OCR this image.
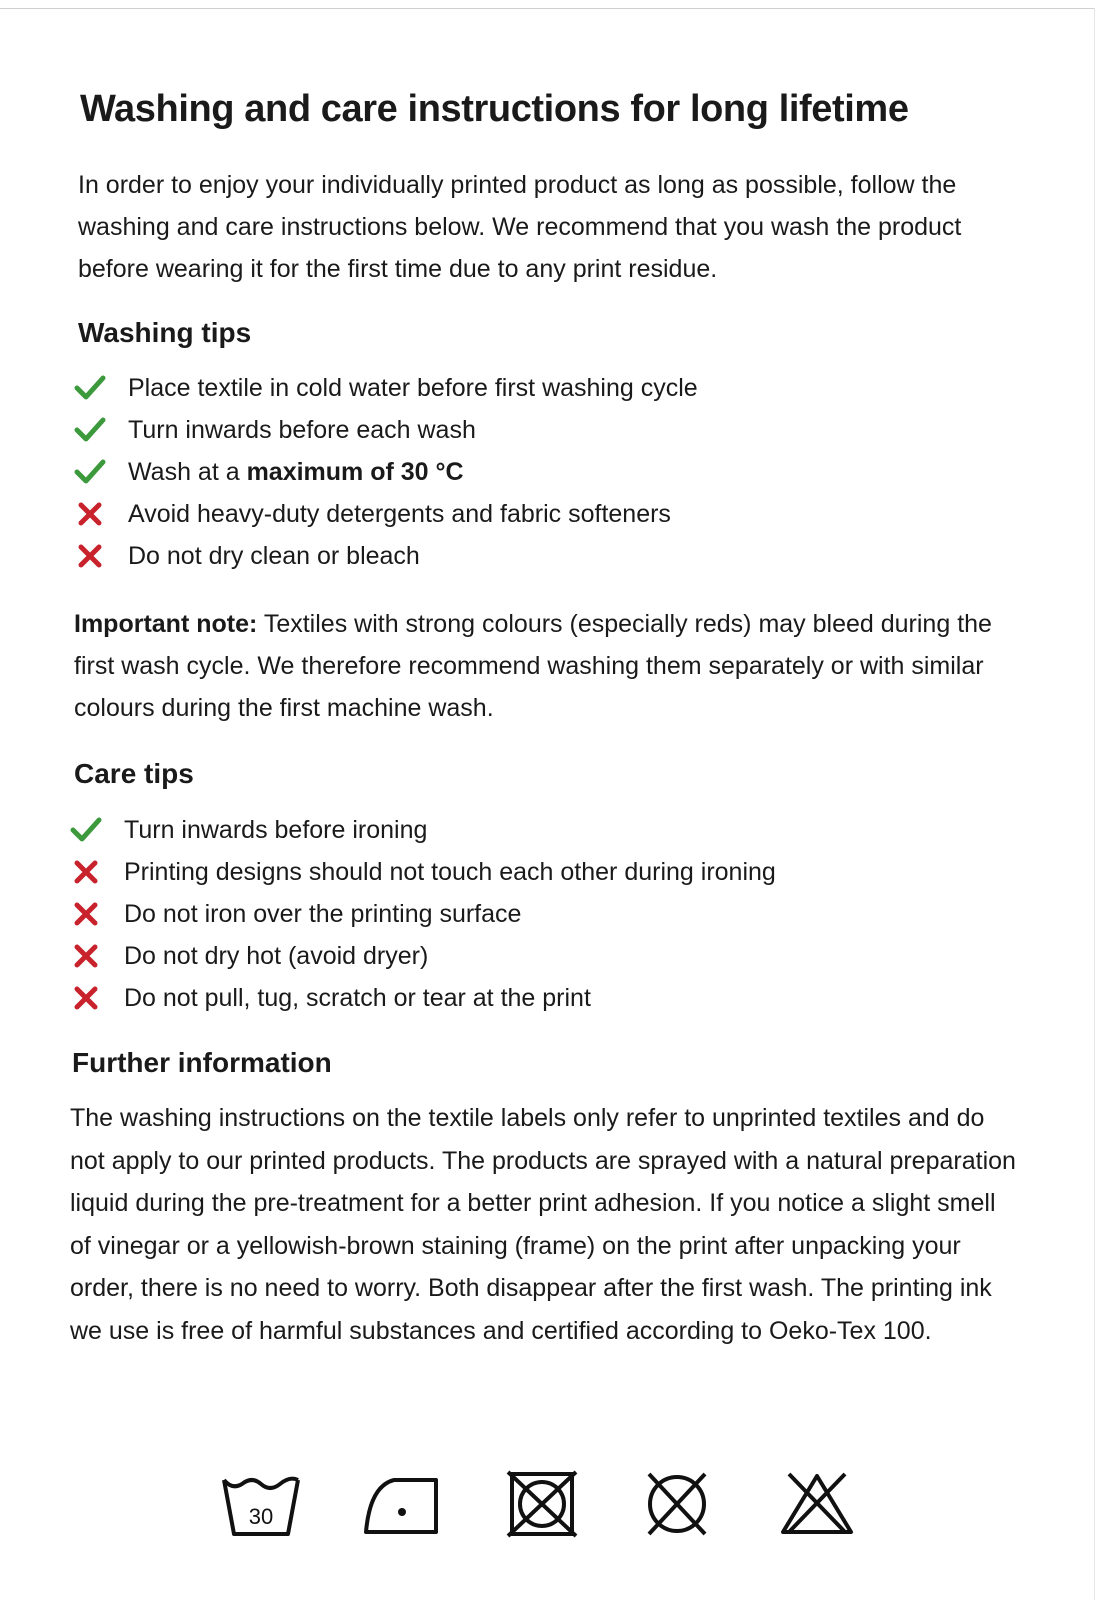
Washing and care instructions for long lifetime

In order to enjoy your individually printed product as long as possible, follow the washing and care instructions below. We recommend that you wash the product before wearing it for the first time due to any print residue.

Washing tips
Place textile in cold water before first washing cycle
Turn inwards before each wash
Wash at a maximum of 30 °C
Avoid heavy-duty detergents and fabric softeners
Do not dry clean or bleach

Important note: Textiles with strong colours (especially reds) may bleed during the first wash cycle. We therefore recommend washing them separately or with similar colours during the first machine wash.

Care tips
Turn inwards before ironing
Printing designs should not touch each other during ironing
Do not iron over the printing surface
Do not dry hot (avoid dryer)
Do not pull, tug, scratch or tear at the print
Further information

The washing instructions on the textile labels only refer to unprinted textiles and do not apply to our printed products. The products are sprayed with a natural preparation liquid during the pre-treatment for a better print adhesion. If you notice a slight smell of vinegar or a yellowish-brown staining (frame) on the print after unpacking your order, there is no need to worry. Both disappear after the first wash. The printing ink we use is free of harmful substances and certified according to Oeko-Tex 100.

30
